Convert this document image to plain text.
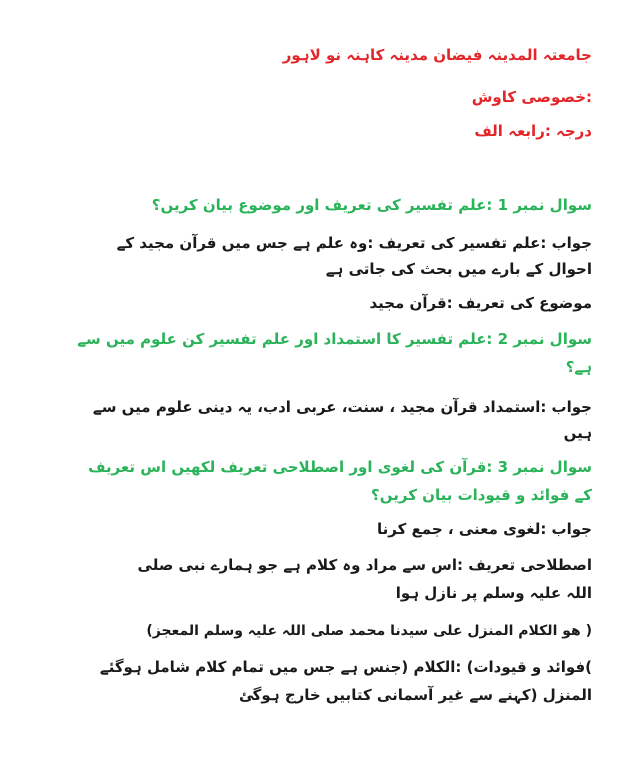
جامعتہ المدینہ فیضان مدینہ کاہنہ نو لاہور
:خصوصی کاوش
درجہ :رابعہ الف
سوال نمبر 1 :علم تفسیر کی تعریف اور موضوع بیان کریں؟
جواب :علم تفسیر کی تعریف :وہ علم ہے جس میں قرآن مجید کے
احوال کے بارے میں بحث کی جاتی ہے
موضوع کی تعریف :قرآن مجید
سوال نمبر 2 :علم تفسیر کا استمداد اور علم تفسیر کن علوم میں سے
ہے؟
جواب :استمداد قرآن مجید ، سنت، عربی ادب، یہ دینی علوم میں سے
ہیں
سوال نمبر 3 :قرآن کی لغوی اور اصطلاحی تعریف لکھیں اس تعریف
کے فوائد و قیودات بیان کریں؟
جواب :لغوی معنی ، جمع کرنا
اصطلاحی تعریف :اس سے مراد وہ کلام ہے جو ہمارے نبی صلی
اللہ علیہ وسلم پر نازل ہوا
( ھو الکلام المنزل علی سیدنا محمد صلی اللہ علیہ وسلم المعجز)
)فوائد و قیودات) :الکلام (جنس ہے جس میں تمام کلام شامل ہوگئے
المنزل (کہنے سے غیر آسمانی کتابیں خارج ہوگئ
